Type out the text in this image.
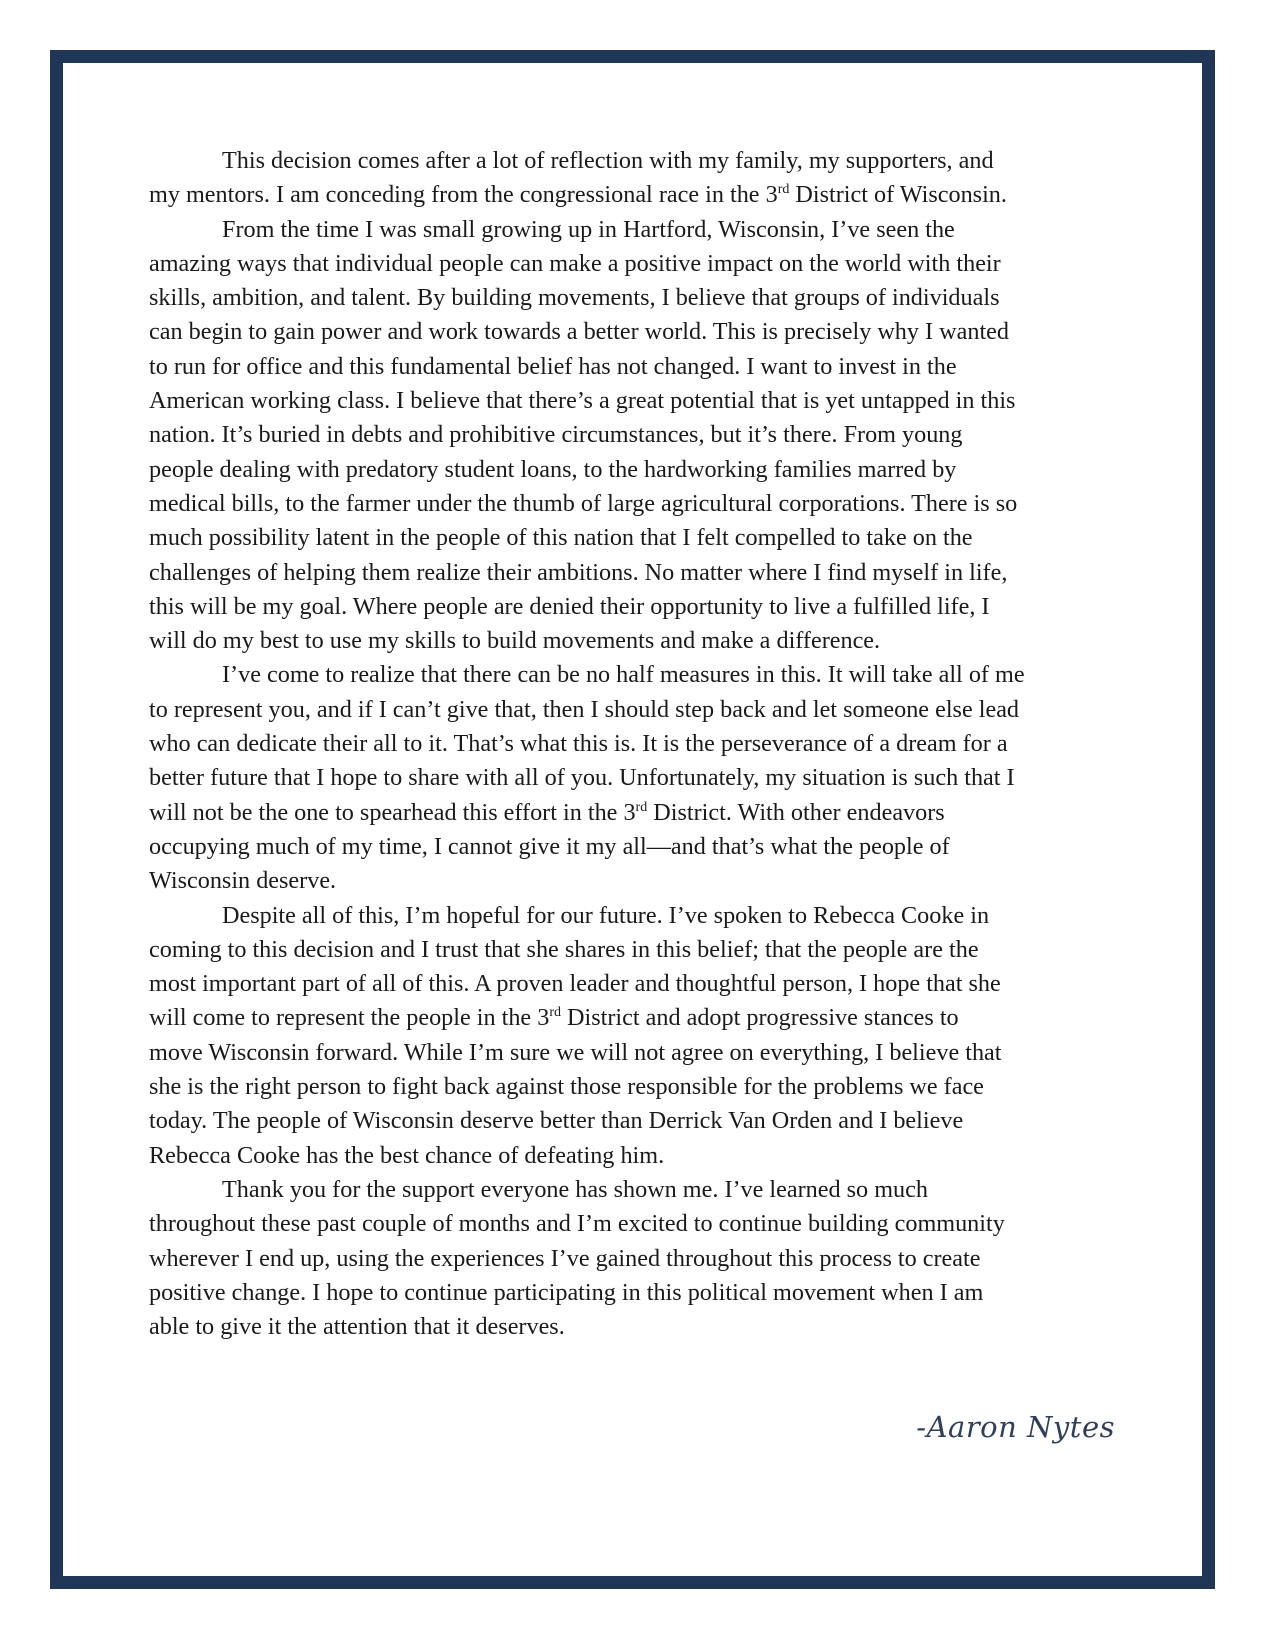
This decision comes after a lot of reflection with my family, my supporters, and
my mentors. I am conceding from the congressional race in the 3rd District of Wisconsin.
From the time I was small growing up in Hartford, Wisconsin, I’ve seen the
amazing ways that individual people can make a positive impact on the world with their
skills, ambition, and talent. By building movements, I believe that groups of individuals
can begin to gain power and work towards a better world. This is precisely why I wanted
to run for office and this fundamental belief has not changed. I want to invest in the
American working class. I believe that there’s a great potential that is yet untapped in this
nation. It’s buried in debts and prohibitive circumstances, but it’s there. From young
people dealing with predatory student loans, to the hardworking families marred by
medical bills, to the farmer under the thumb of large agricultural corporations. There is so
much possibility latent in the people of this nation that I felt compelled to take on the
challenges of helping them realize their ambitions. No matter where I find myself in life,
this will be my goal. Where people are denied their opportunity to live a fulfilled life, I
will do my best to use my skills to build movements and make a difference.
I’ve come to realize that there can be no half measures in this. It will take all of me
to represent you, and if I can’t give that, then I should step back and let someone else lead
who can dedicate their all to it. That’s what this is. It is the perseverance of a dream for a
better future that I hope to share with all of you. Unfortunately, my situation is such that I
will not be the one to spearhead this effort in the 3rd District. With other endeavors
occupying much of my time, I cannot give it my all—and that’s what the people of
Wisconsin deserve.
Despite all of this, I’m hopeful for our future. I’ve spoken to Rebecca Cooke in
coming to this decision and I trust that she shares in this belief; that the people are the
most important part of all of this. A proven leader and thoughtful person, I hope that she
will come to represent the people in the 3rd District and adopt progressive stances to
move Wisconsin forward. While I’m sure we will not agree on everything, I believe that
she is the right person to fight back against those responsible for the problems we face
today. The people of Wisconsin deserve better than Derrick Van Orden and I believe
Rebecca Cooke has the best chance of defeating him.
Thank you for the support everyone has shown me. I’ve learned so much
throughout these past couple of months and I’m excited to continue building community
wherever I end up, using the experiences I’ve gained throughout this process to create
positive change. I hope to continue participating in this political movement when I am
able to give it the attention that it deserves.
-Aaron Nytes
